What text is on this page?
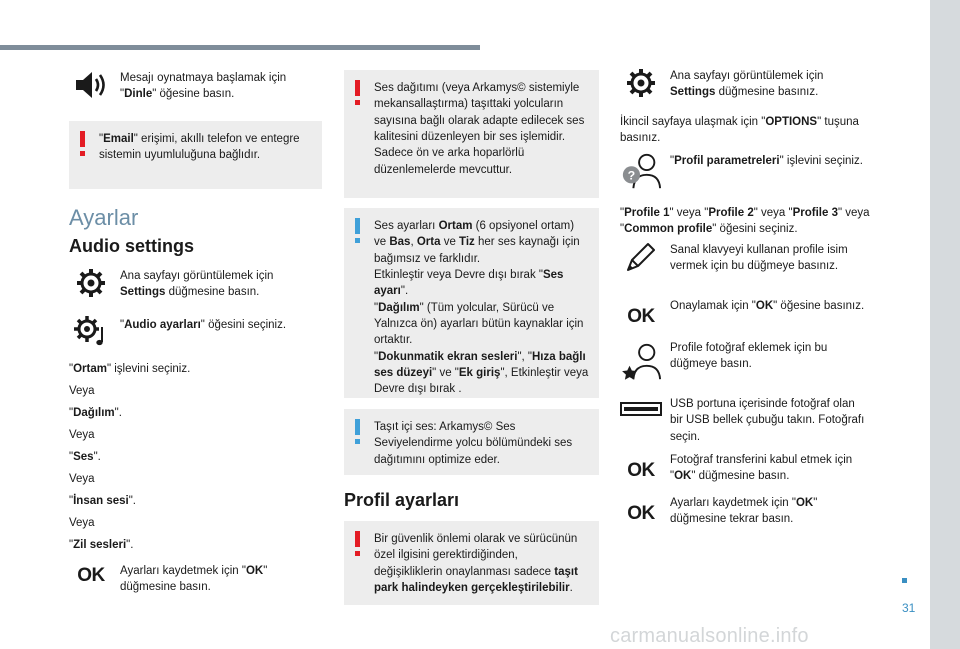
31
carmanualsonline.info
Mesajı oynatmaya başlamak için "Dinle" öğesine basın.
"Email" erişimi, akıllı telefon ve entegre sistemin uyumluluğuna bağlıdır.
Ayarlar
Audio settings
Ana sayfayı görüntülemek için Settings düğmesine basın.
"Audio ayarları" öğesini seçiniz.
"Ortam" işlevini seçiniz.
Veya
"Dağılım".
Veya
"Ses".
Veya
"İnsan sesi".
Veya
"Zil sesleri".
OK	Ayarları kaydetmek için "OK" düğmesine basın.
Ses dağıtımı (veya Arkamys© sistemiyle mekansallaştırma) taşıttaki yolcuların sayısına bağlı olarak adapte edilecek ses kalitesini düzenleyen bir ses işlemidir. Sadece ön ve arka hoparlörlü düzenlemelerde mevcuttur.
Ses ayarları Ortam (6 opsiyonel ortam) ve Bas, Orta ve Tiz her ses kaynağı için bağımsız ve farklıdır.
Etkinleştir veya Devre dışı bırak "Ses ayarı".
"Dağılım" (Tüm yolcular, Sürücü ve Yalnızca ön) ayarları bütün kaynaklar için ortaktır.
"Dokunmatik ekran sesleri", "Hıza bağlı ses düzeyi" ve "Ek giriş", Etkinleştir veya Devre dışı bırak .
Taşıt içi ses: Arkamys© Ses Seviyelendirme yolcu bölümündeki ses dağıtımını optimize eder.
Profil ayarları
Bir güvenlik önlemi olarak ve sürücünün özel ilgisini gerektirdiğinden, değişikliklerin onaylanması sadece taşıt park halindeyken gerçekleştirilebilir.
Ana sayfayı görüntülemek için Settings düğmesine basınız.
İkincil sayfaya ulaşmak için "OPTIONS" tuşuna basınız.
?
"Profil parametreleri" işlevini seçiniz.
"Profile 1" veya "Profile 2" veya "Profile 3" veya "Common profile" öğesini seçiniz.
Sanal klavyeyi kullanan profile isim vermek için bu düğmeye basınız.
OK	Onaylamak için "OK" öğesine basınız.
Profile fotoğraf eklemek için bu düğmeye basın.
USB portuna içerisinde fotoğraf olan bir USB bellek çubuğu takın. Fotoğrafı seçin.
OK	Fotoğraf transferini kabul etmek için "OK" düğmesine basın.
OK	Ayarları kaydetmek için "OK" düğmesine tekrar basın.
